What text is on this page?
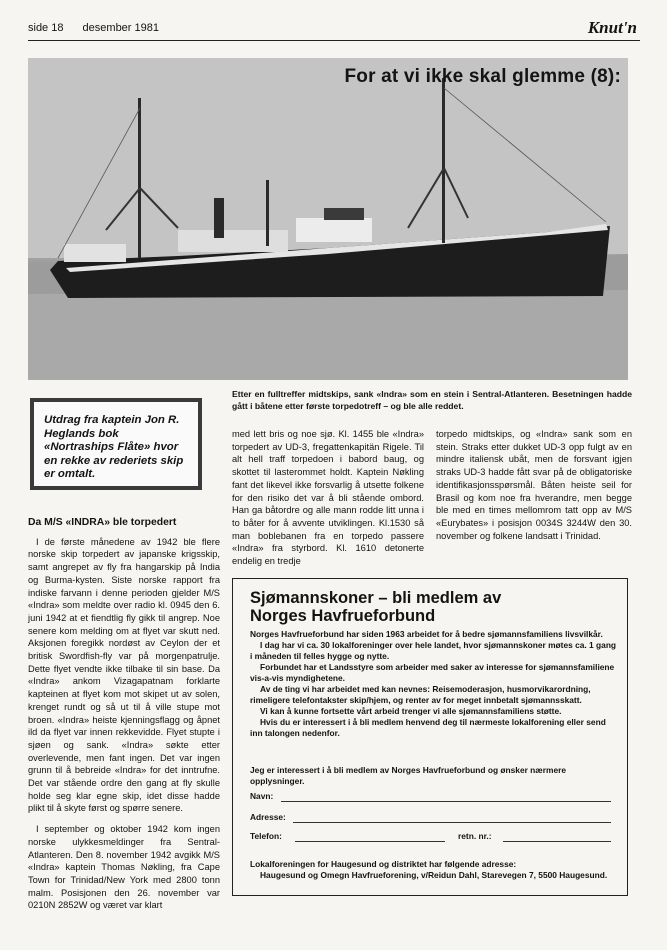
side 18 desember 1981	Knut'n
For at vi ikke skal glemme (8):
Etter en fulltreffer midtskips, sank «Indra» som en stein i Sentral-Atlanteren. Besetningen hadde gått i båtene etter første torpedotreff – og ble alle reddet.
Utdrag fra kaptein Jon R. Heglands bok «Nortraships Flåte» hvor en rekke av rederiets skip er omtalt.

Da M/S «INDRA» ble torpedert

I de første månedene av 1942 ble flere norske skip torpedert av japanske krigsskip, samt angrepet av fly fra hangarskip på India og Burma-kysten. Siste norske rapport fra indiske farvann i denne perioden gjelder M/S «Indra» som meldte over radio kl. 0945 den 6. juni 1942 at et fiendtlig fly gikk til angrep. Noe senere kom melding om at flyet var skutt ned. Aksjonen foregikk nordøst av Ceylon der et britisk Swordfish-fly var på morgenpatrulje. Dette flyet vendte ikke tilbake til sin base. Da «Indra» ankom Vizagapatnam forklarte kapteinen at flyet kom mot skipet ut av solen, krenget rundt og så ut til å ville stupe mot broen. «Indra» heiste kjenningsflagg og åpnet ild da flyet var innen rekkevidde. Flyet stupte i sjøen og sank. «Indra» søkte etter overlevende, men fant ingen. Det var ingen grunn til å bebreide «Indra» for det inntrufne. Det var stående ordre den gang at fly skulle holde seg klar egne skip, idet disse hadde plikt til å skyte først og spørre senere.

I september og oktober 1942 kom ingen norske ulykkesmeldinger fra Sentral-Atlanteren. Den 8. november 1942 avgikk M/S «Indra» kaptein Thomas Nøkling, fra Cape Town for Trinidad/New York med 2800 tonn malm. Posisjonen den 26. november var 0210N 2852W og været var klart

med lett bris og noe sjø. Kl. 1455 ble «Indra» torpedert av UD-3, fregattenkapitän Rigele. Til alt hell traff torpedoen i babord baug, og skottet til lasterommet holdt. Kaptein Nøkling fant det likevel ikke forsvarlig å utsette folkene for den risiko det var å bli stående ombord. Han ga båtordre og alle mann rodde litt unna i to båter for å avvente utviklingen. Kl.1530 så man boblebanen fra en torpedo passere «Indra» fra styrbord. Kl. 1610 detonerte endelig en tredje

torpedo midtskips, og «Indra» sank som en stein. Straks etter dukket UD-3 opp fulgt av en mindre italiensk ubåt, men de forsvant igjen straks UD-3 hadde fått svar på de obligatoriske identifikasjonsspørsmål. Båten heiste seil for Brasil og kom noe fra hverandre, men begge ble med en times mellomrom tatt opp av M/S «Eurybates» i posisjon 0034S 3244W den 30. november og folkene landsatt i Trinidad.

Sjømannskoner – bli medlem av
Norges Havfrueforbund

Norges Havfrueforbund har siden 1963 arbeidet for å bedre sjømannsfamiliens livsvilkår.

I dag har vi ca. 30 lokalforeninger over hele landet, hvor sjømannskoner møtes ca. 1 gang i måneden til felles hygge og nytte.

Forbundet har et Landsstyre som arbeider med saker av interesse for sjømannsfamiliene vis-a-vis myndighetene.

Av de ting vi har arbeidet med kan nevnes: Reisemoderasjon, husmorvikarordning, rimeligere telefontakster skip/hjem, og renter av for meget innbetalt sjømannsskatt.

Vi kan å kunne fortsette vårt arbeid trenger vi alle sjømannsfamiliens støtte.

Hvis du er interessert i å bli medlem henvend deg til nærmeste lokalforening eller send inn talongen nedenfor.

Jeg er interessert i å bli medlem av Norges Havfrueforbund og ønsker nærmere opplysninger.
Navn:
Adresse:
Telefon:	retn. nr.:
Lokalforeningen for Haugesund og distriktet har følgende adresse:
Haugesund og Omegn Havfrueforening, v/Reidun Dahl, Starevegen 7, 5500 Haugesund.
